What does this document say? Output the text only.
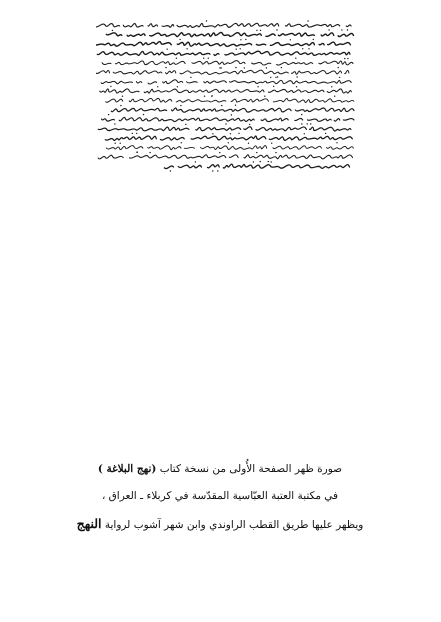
صورة ظهر الصفحة الأُولى من نسخة كتاب (نهج البلاغة )
في مكتبة العتبة العبّاسية المقدّسة في كربلاء ـ العراق ،
ويظهر عليها طريق القطب الراوندي وابن شهر آشوب لرواية النهج
